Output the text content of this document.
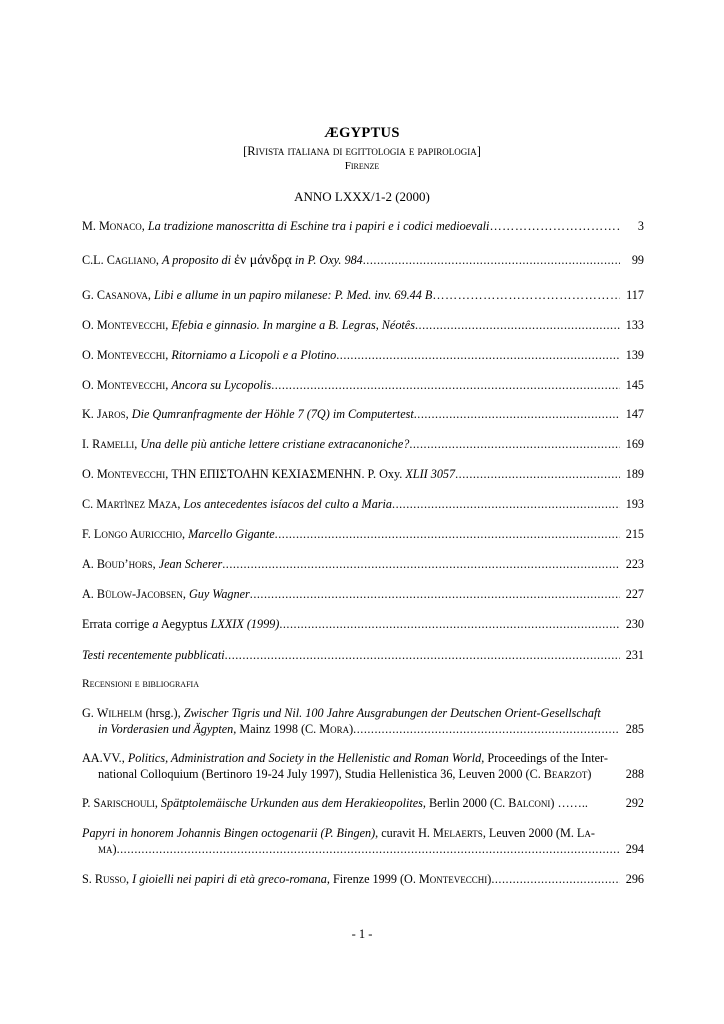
ÆGYPTUS
[Rivista italiana di egittologia e papirologia]
Firenze
ANNO LXXX/1-2 (2000)
M. Monaco, La tradizione manoscritta di Eschine tra i papiri e i codici medioevali ………………………………………………………………………………………………………………………………………………………………………………………………………………………………………………………………	3
C.L. Cagliano, A proposito di ἐν μάνδρᾳ in P. Oxy. 984 .....	99
G. Casanova, Libi e allume in un papiro milanese: P. Med. inv. 69.44 B ………………………………………………………………………………………………………………………………………………………………………………………………………………………………………………………………	117
O. Montevecchi, Efebia e ginnasio. In margine a B. Legras, Néotês .....	133
O. Montevecchi, Ritorniamo a Licopoli e a Plotino .....	139
O. Montevecchi, Ancora su Lycopolis .....	145
K. Jaros, Die Qumranfragmente der Höhle 7 (7Q) im Computertest .....	147
I. Ramelli, Una delle più antiche lettere cristiane extracanoniche? .....	169
O. Montevecchi, ΤΗΝ ΕΠΙΣΤΟΛΗΝ ΚΕΧΙΑΣΜΕΝΗΝ. P. Oxy. XLII 3057 .....	189
C. Martìnez Maza, Los antecedentes isíacos del culto a Maria .....	193
F. Longo Auricchio, Marcello Gigante .....	215
A. Boud’hors, Jean Scherer .....	223
A. Bülow-Jacobsen, Guy Wagner .....	227
Errata corrige a Aegyptus LXXIX (1999) .....	230
Testi recentemente pubblicati .....	231
Recensioni e bibliografia
G. Wilhelm (hrsg.), Zwischer Tigris und Nil. 100 Jahre Ausgrabungen der Deutschen Orient-Gesellschaft
in Vorderasien und Ägypten, Mainz 1998 (C. Mora) .....	285
AA.VV., Politics, Administration and Society in the Hellenistic and Roman World, Proceedings of the Inter-
national Colloquium (Bertinoro 19-24 July 1997), Studia Hellenistica 36, Leuven 2000 (C. Bearzot)	288
P. Sarischouli, Spätptolemäische Urkunden aus dem Herakieopolites, Berlin 2000 (C. Balconi) ……..	292
Papyri in honorem Johannis Bingen octogenarii (P. Bingen), curavit H. Melaerts, Leuven 2000 (M. La-
ma) .....	294
S. Russo, I gioielli nei papiri di età greco-romana, Firenze 1999 (O. Montevecchi) .....	296
- 1 -
